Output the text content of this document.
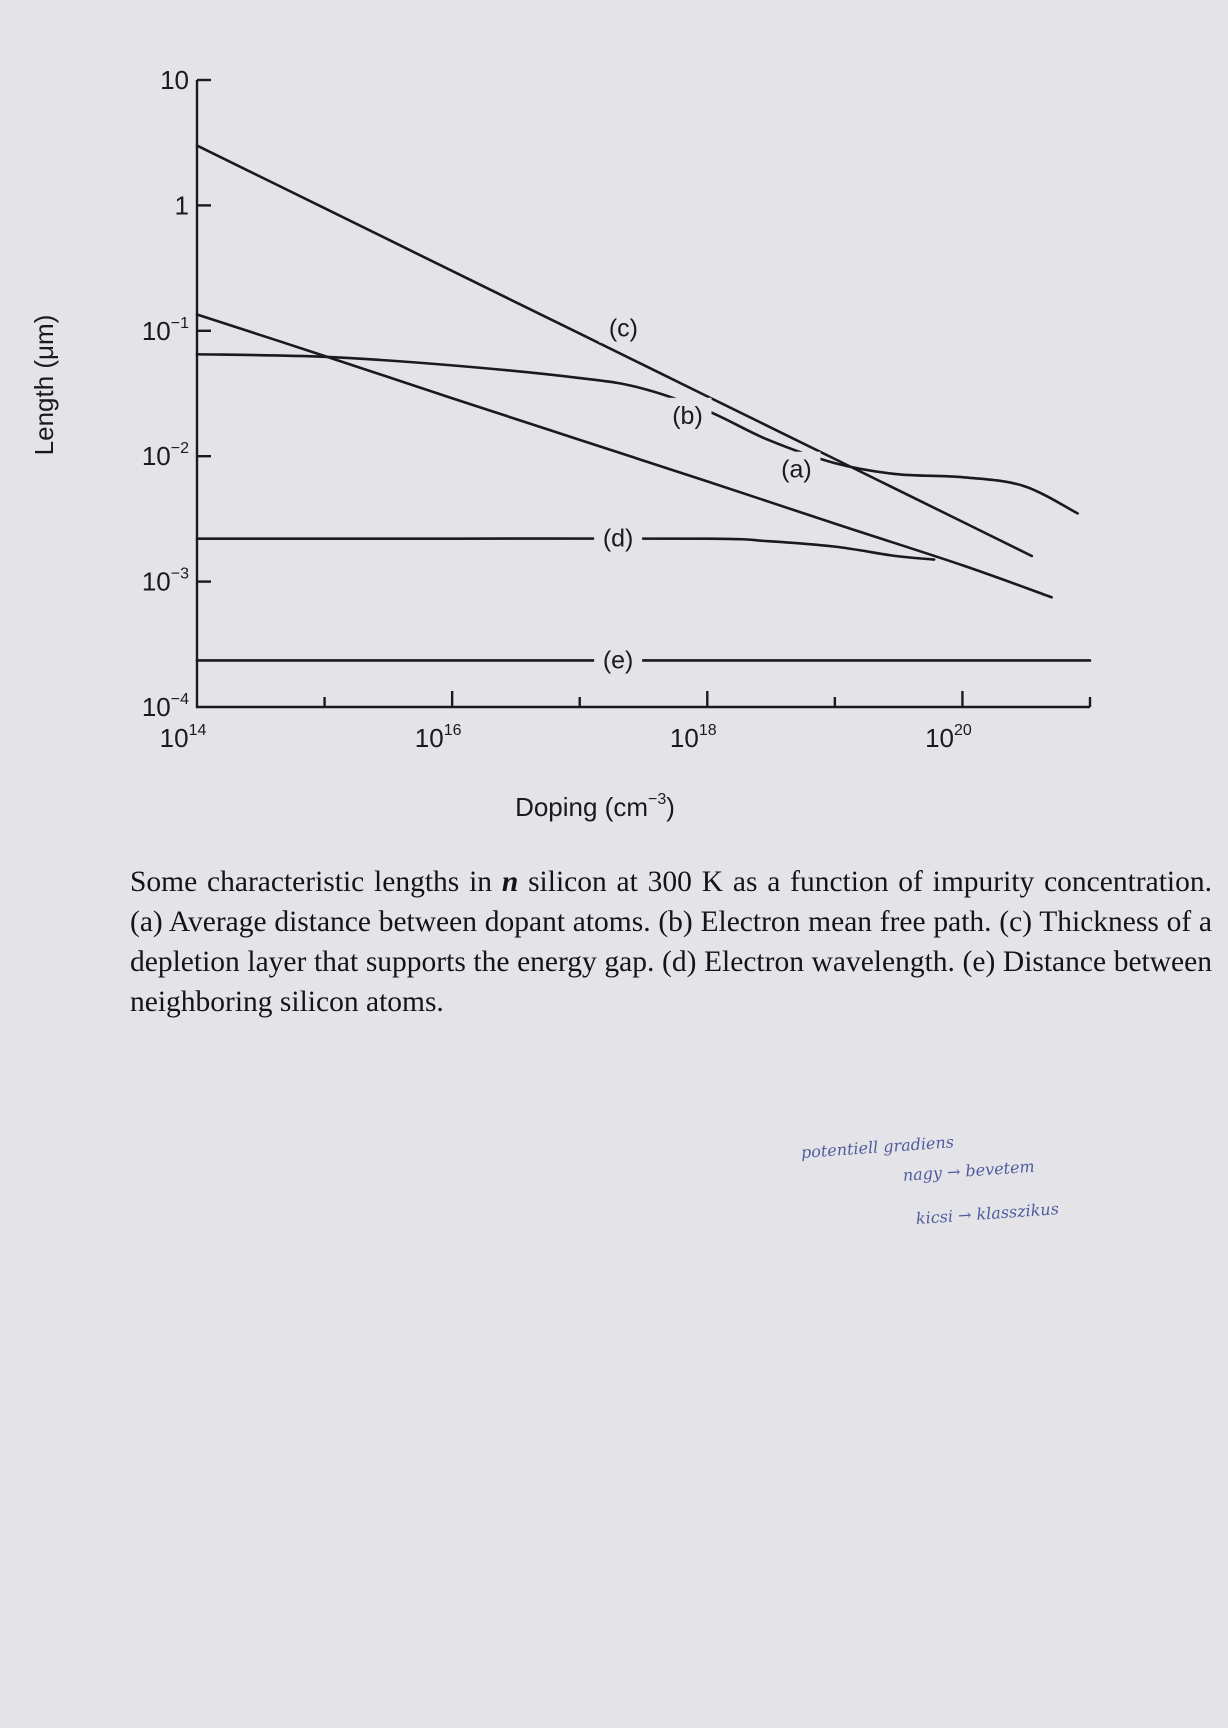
(a)
(b)
(c)
(d)
(e)
$10^{14}$	$10^{16}$	$10^{18}$	$10^{20}$
10
1
$10^{-1}$
$10^{-2}$
$10^{-3}$
$10^{-4}$
Doping $(cm^{-3})$
Length (μm)

Some characteristic lengths in n silicon at 300 K as a function of impurity concentration. (a) Average distance between dopant atoms. (b) Electron mean free path. (c) Thickness of a depletion layer that supports the energy gap. (d) Electron wavelength. (e) Distance between neighboring silicon atoms.

potentiell gradiens
nagy → bevetem
kicsi → klasszikus
